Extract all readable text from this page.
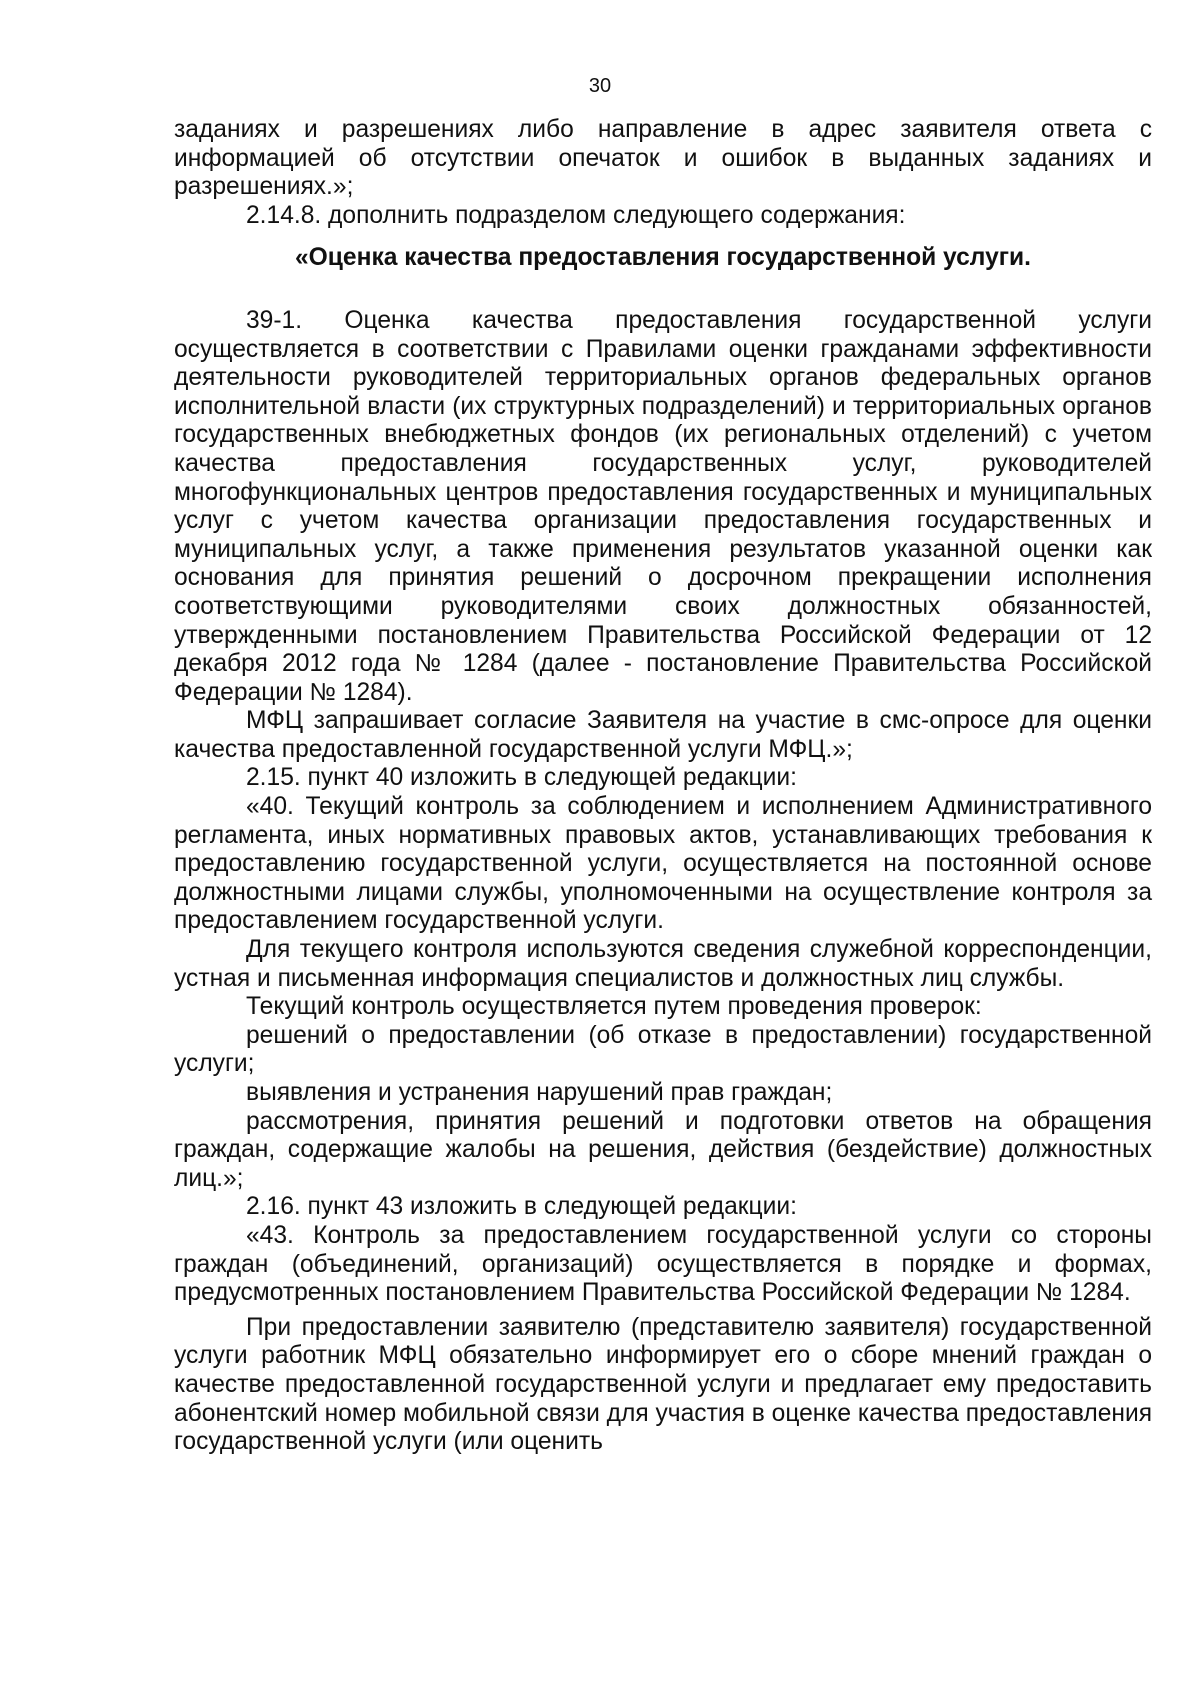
30

заданиях и разрешениях либо направление в адрес заявителя ответа с информацией об отсутствии опечаток и ошибок в выданных заданиях и разрешениях.»;

2.14.8. дополнить подразделом следующего содержания:

«Оценка качества предоставления государственной услуги.

39-1. Оценка качества предоставления государственной услуги осуществляется в соответствии с Правилами оценки гражданами эффективности деятельности руководителей территориальных органов федеральных органов исполнительной власти (их структурных подразделений) и территориальных органов государственных внебюджетных фондов (их региональных отделений) с учетом качества предоставления государственных услуг, руководителей многофункциональных центров предоставления государственных и муниципальных услуг с учетом качества организации предоставления государственных и муниципальных услуг, а также применения результатов указанной оценки как основания для принятия решений о досрочном прекращении исполнения соответствующими руководителями своих должностных обязанностей, утвержденными постановлением Правительства Российской Федерации от 12 декабря 2012 года № 1284 (далее - постановление Правительства Российской Федерации № 1284).

МФЦ запрашивает согласие Заявителя на участие в смс-опросе для оценки качества предоставленной государственной услуги МФЦ.»;

2.15. пункт 40 изложить в следующей редакции:

«40. Текущий контроль за соблюдением и исполнением Административного регламента, иных нормативных правовых актов, устанавливающих требования к предоставлению государственной услуги, осуществляется на постоянной основе должностными лицами службы, уполномоченными на осуществление контроля за предоставлением государственной услуги.

Для текущего контроля используются сведения служебной корреспонденции, устная и письменная информация специалистов и должностных лиц службы.

Текущий контроль осуществляется путем проведения проверок:

решений о предоставлении (об отказе в предоставлении) государственной услуги;

выявления и устранения нарушений прав граждан;

рассмотрения, принятия решений и подготовки ответов на обращения граждан, содержащие жалобы на решения, действия (бездействие) должностных лиц.»;

2.16. пункт 43 изложить в следующей редакции:

«43. Контроль за предоставлением государственной услуги со стороны граждан (объединений, организаций) осуществляется в порядке и формах, предусмотренных постановлением Правительства Российской Федерации № 1284.

При предоставлении заявителю (представителю заявителя) государственной услуги работник МФЦ обязательно информирует его о сборе мнений граждан о качестве предоставленной государственной услуги и предлагает ему предоставить абонентский номер мобильной связи для участия в оценке качества предоставления государственной услуги (или оценить
